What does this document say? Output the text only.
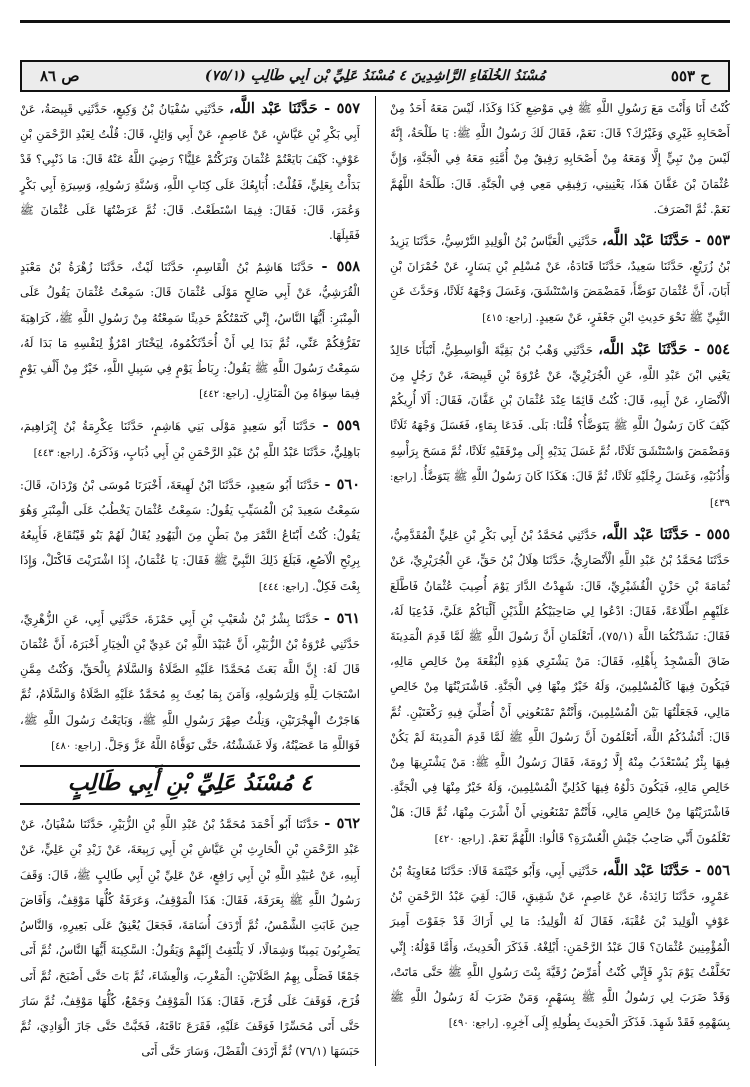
ح ٥٥٣
مُسْنَدُ الخُلَفَاءِ الرَّاشِدِينَ ٤ مُسْنَدُ عَلِيِّ بْنِ أَبِي طَالِبٍ (٧٥/١)
ص ٨٦

كُنْتُ أَنَا وَأَنْتَ مَعَ رَسُولِ اللَّهِ ﷺ فِي مَوْضِعِ كَذَا وَكَذَا، لَيْسَ مَعَهُ أَحَدٌ مِنْ أَصْحَابِهِ غَيْرِي وَغَيْرُكَ؟ قَالَ: نَعَمْ، فَقَالَ لَكَ رَسُولُ اللَّهِ ﷺ: يَا طَلْحَةُ، إِنَّهُ لَيْسَ مِنْ نَبِيٍّ إِلَّا وَمَعَهُ مِنْ أَصْحَابِهِ رَفِيقٌ مِنْ أُمَّتِهِ مَعَهُ فِي الْجَنَّةِ، وَإِنَّ عُثْمَانَ بْنَ عَفَّانَ هَذَا، يَعْنِينِي، رَفِيقِي مَعِي فِي الْجَنَّةِ. قَالَ: طَلْحَةُ اللَّهُمَّ نَعَمْ. ثُمَّ انْصَرَفَ.

٥٥٣ - حَدَّثَنَا عَبْد اللَّه، حَدَّثَنِي الْعَبَّاسُ بْنُ الْوَلِيدِ النَّرْسِيُّ، حَدَّثَنَا يَزِيدُ بْنُ زُرَيْعٍ، حَدَّثَنَا سَعِيدٌ، حَدَّثَنَا قَتَادَةُ، عَنْ مُسْلِمِ بْنِ يَسَارٍ، عَنْ حُمْرَانَ بْنِ أَبَانَ، أَنَّ عُثْمَانَ تَوَضَّأَ، فَمَضْمَضَ وَاسْتَنْشَقَ، وَغَسَلَ وَجْهَهُ ثَلَاثًا، وَحَدَّثَ عَنِ النَّبِيِّ ﷺ نَحْوَ حَدِيثِ ابْنِ جَعْفَرٍ، عَنْ سَعِيدٍ. [راجع: ٤١٥]

٥٥٤ - حَدَّثَنَا عَبْد اللَّه، حَدَّثَنِي وَهْبُ بْنُ بَقِيَّةَ الْوَاسِطِيُّ، أَنْبَأَنَا خَالِدٌ يَعْنِي ابْنَ عَبْدِ اللَّهِ، عَنِ الْجُرَيْرِيِّ، عَنْ عُرْوَةَ بْنِ قَبِيصَةَ، عَنْ رَجُلٍ مِنَ الْأَنْصَارِ، عَنْ أَبِيهِ، قَالَ: كُنْتُ قَائِمًا عِنْدَ عُثْمَانَ بْنِ عَفَّانَ، فَقَالَ: أَلَا أُرِيكُمْ كَيْفَ كَانَ رَسُولُ اللَّهِ ﷺ يَتَوَضَّأُ؟ قُلْنَا: بَلَى. فَدَعَا بِمَاءٍ، فَغَسَلَ وَجْهَهُ ثَلَاثًا وَمَضْمَضَ وَاسْتَنْشَقَ ثَلَاثًا، ثُمَّ غَسَلَ يَدَيْهِ إِلَى مِرْفَقَيْهِ ثَلَاثًا، ثُمَّ مَسَحَ بِرَأْسِهِ وَأُذُنَيْهِ، وَغَسَلَ رِجْلَيْهِ ثَلَاثًا، ثُمَّ قَالَ: هَكَذَا كَانَ رَسُولُ اللَّهِ ﷺ يَتَوَضَّأُ. [راجع: ٤٣٩]

٥٥٥ - حَدَّثَنَا عَبْد اللَّه، حَدَّثَنِي مُحَمَّدُ بْنُ أَبِي بَكْرِ بْنِ عَلِيٍّ الْمُقَدَّمِيُّ، حَدَّثَنَا مُحَمَّدُ بْنُ عَبْدِ اللَّهِ الْأَنْصَارِيُّ، حَدَّثَنَا هِلَالُ بْنُ حَقٍّ، عَنِ الْجُرَيْرِيِّ، عَنْ ثُمَامَةَ بْنِ حَزْنٍ الْقُشَيْرِيِّ، قَالَ: شَهِدْتُ الدَّارَ يَوْمَ أُصِيبَ عُثْمَانُ فَاطَّلَعَ عَلَيْهِمِ اطِّلَاعَةً، فَقَالَ: ادْعُوا لِي صَاحِبَيْكُمُ اللَّذَيْنِ أَلَّبَاكُمْ عَلَيَّ، فَدُعِيَا لَهُ، فَقَالَ: نَشَدْتُكُمَا اللَّهَ (٧٥/١)، أَتَعْلَمَانِ أَنَّ رَسُولَ اللَّهِ ﷺ لَمَّا قَدِمَ الْمَدِينَةَ ضَاقَ الْمَسْجِدُ بِأَهْلِهِ، فَقَالَ: مَنْ يَشْتَرِي هَذِهِ الْبُقْعَةَ مِنْ خَالِصِ مَالِهِ، فَيَكُونَ فِيهَا كَالْمُسْلِمِينَ، وَلَهُ خَيْرٌ مِنْهَا فِي الْجَنَّةِ. فَاشْتَرَيْتُهَا مِنْ خَالِصِ مَالِي، فَجَعَلْتُهَا بَيْنَ الْمُسْلِمِينَ، وَأَنْتُمْ تَمْنَعُونِي أَنْ أُصَلِّيَ فِيهِ رَكْعَتَيْنِ. ثُمَّ قَالَ: أَنْشُدُكُمُ اللَّهَ، أَتَعْلَمُونَ أَنَّ رَسُولَ اللَّهِ ﷺ لَمَّا قَدِمَ الْمَدِينَةَ لَمْ يَكُنْ فِيهَا بِئْرٌ يُسْتَعْذَبُ مِنْهُ إِلَّا رُومَةَ، فَقَالَ رَسُولُ اللَّهِ ﷺ: مَنْ يَشْتَرِيهَا مِنْ خَالِصِ مَالِهِ، فَيَكُونَ دَلْوُهُ فِيهَا كَدُلِيِّ الْمُسْلِمِينَ، وَلَهُ خَيْرٌ مِنْهَا فِي الْجَنَّةِ. فَاشْتَرَيْتُهَا مِنْ خَالِصِ مَالِي، فَأَنْتُمْ تَمْنَعُونِي أَنْ أَشْرَبَ مِنْهَا، ثُمَّ قَالَ: هَلْ تَعْلَمُونَ أَنِّي صَاحِبُ جَيْشِ الْعُسْرَةِ؟ قَالُوا: اللَّهُمَّ نَعَمْ. [راجع: ٤٢٠]

٥٥٦ - حَدَّثَنَا عَبْد اللَّه، حَدَّثَنِي أَبِي، وَأَبُو خَيْثَمَةَ قَالَا: حَدَّثَنَا مُعَاوِيَةُ بْنُ عَمْرٍو، حَدَّثَنَا زَائِدَةُ، عَنْ عَاصِمٍ، عَنْ شَقِيقٍ، قَالَ: لَقِيَ عَبْدُ الرَّحْمَنِ بْنُ عَوْفٍ الْوَلِيدَ بْنَ عُقْبَةَ، فَقَالَ لَهُ الْوَلِيدُ: مَا لِي أَرَاكَ قَدْ جَفَوْتَ أَمِيرَ الْمُؤْمِنِينَ عُثْمَانَ؟ قَالَ عَبْدُ الرَّحْمَنِ: أَبْلِغْهُ. فَذَكَرَ الْحَدِيثَ، وَأَمَّا قَوْلُهُ: إِنِّي تَخَلَّفْتُ يَوْمَ بَدْرٍ فَإِنِّي كُنْتُ أُمَرِّضُ رُقَيَّةَ بِنْتَ رَسُولِ اللَّهِ ﷺ حَتَّى مَاتَتْ، وَقَدْ ضَرَبَ لِي رَسُولُ اللَّهِ ﷺ بِسَهْمٍ، وَمَنْ ضَرَبَ لَهُ رَسُولُ اللَّهِ ﷺ بِسَهْمِهِ فَقَدْ شَهِدَ. فَذَكَرَ الْحَدِيثَ بِطُولِهِ إِلَى آخِرِهِ. [راجع: ٤٩٠]

٥٥٧ - حَدَّثَنَا عَبْد اللَّه، حَدَّثَنِي سُفْيَانُ بْنُ وَكِيعٍ، حَدَّثَنِي قَبِيصَةُ، عَنْ أَبِي بَكْرِ بْنِ عَيَّاشٍ، عَنْ عَاصِمٍ، عَنْ أَبِي وَائِلٍ، قَالَ: قُلْتُ لِعَبْدِ الرَّحْمَنِ بْنِ عَوْفٍ: كَيْفَ بَايَعْتُمْ عُثْمَانَ وَتَرَكْتُمْ عَلِيًّا؟ رَضِيَ اللَّهُ عَنْهُ قَالَ: مَا ذَنْبِي؟ قَدْ بَدَأْتُ بِعَلِيٍّ، فَقُلْتُ: أُبَايِعُكَ عَلَى كِتَابِ اللَّهِ، وَسُنَّةِ رَسُولِهِ، وَسِيرَةِ أَبِي بَكْرٍ وَعُمَرَ، قَالَ: فَقَالَ: فِيمَا اسْتَطَعْتُ. قَالَ: ثُمَّ عَرَضْتُهَا عَلَى عُثْمَانَ ﷺ فَقَبِلَهَا.

٥٥٨ - حَدَّثَنَا هَاشِمُ بْنُ الْقَاسِمِ، حَدَّثَنَا لَيْثٌ، حَدَّثَنَا زُهْرَةُ بْنُ مَعْبَدٍ الْقُرَشِيُّ، عَنْ أَبِي صَالِحٍ مَوْلَى عُثْمَانَ قَالَ: سَمِعْتُ عُثْمَانَ يَقُولُ عَلَى الْمِنْبَرِ: أَيُّهَا النَّاسُ، إِنِّي كَتَمْتُكُمْ حَدِيثًا سَمِعْتُهُ مِنْ رَسُولِ اللَّهِ ﷺ، كَرَاهِيَةَ تَفَرُّقِكُمْ عَنِّي، ثُمَّ بَدَا لِي أَنْ أُحَدِّثَكُمُوهُ، لِيَخْتَارَ امْرُؤٌ لِنَفْسِهِ مَا بَدَا لَهُ، سَمِعْتُ رَسُولَ اللَّهِ ﷺ يَقُولُ: رِبَاطُ يَوْمٍ فِي سَبِيلِ اللَّهِ، خَيْرٌ مِنْ أَلْفِ يَوْمٍ فِيمَا سِوَاهُ مِنَ الْمَنَازِلِ. [راجع: ٤٤٢]

٥٥٩ - حَدَّثَنَا أَبُو سَعِيدٍ مَوْلَى بَنِي هَاشِمٍ، حَدَّثَنَا عِكْرِمَةُ بْنُ إِبْرَاهِيمَ، بَاهِلِيٌّ، حَدَّثَنَا عَبْدُ اللَّهِ بْنُ عَبْدِ الرَّحْمَنِ بْنِ أَبِي ذُبَابٍ، وَذَكَرَهُ. [راجع: ٤٤٣]

٥٦٠ - حَدَّثَنَا أَبُو سَعِيدٍ، حَدَّثَنَا ابْنُ لَهِيعَةَ، أَخْبَرَنَا مُوسَى بْنُ وَرْدَانَ، قَالَ: سَمِعْتُ سَعِيدَ بْنَ الْمُسَيِّبِ يَقُولُ: سَمِعْتُ عُثْمَانَ يَخْطُبُ عَلَى الْمِنْبَرِ وَهُوَ يَقُولُ: كُنْتُ أَبْتَاعُ التَّمْرَ مِنْ بَطْنٍ مِنَ الْيَهُودِ يُقَالُ لَهُمْ بَنُو قَيْنُقَاعَ، فَأَبِيعُهُ بِرِبْحِ الْآصُعِ، فَبَلَغَ ذَلِكَ النَّبِيَّ ﷺ فَقَالَ: يَا عُثْمَانُ، إِذَا اشْتَرَيْتَ فَاكْتَلْ، وَإِذَا بِعْتَ فَكِلْ. [راجع: ٤٤٤]

٥٦١ - حَدَّثَنَا بِشْرُ بْنُ شُعَيْبِ بْنِ أَبِي حَمْزَةَ، حَدَّثَنِي أَبِي، عَنِ الزُّهْرِيِّ، حَدَّثَنِي عُرْوَةُ بْنُ الزُّبَيْرِ، أَنَّ عُبَيْدَ اللَّهِ بْنَ عَدِيِّ بْنِ الْخِيَارِ أَخْبَرَهُ، أَنَّ عُثْمَانَ قَالَ لَهُ: إِنَّ اللَّهَ بَعَثَ مُحَمَّدًا عَلَيْهِ الصَّلَاةُ وَالسَّلَامُ بِالْحَقِّ، وَكُنْتُ مِمَّنِ اسْتَجَابَ لِلَّهِ وَلِرَسُولِهِ، وَآمَنَ بِمَا بُعِثَ بِهِ مُحَمَّدٌ عَلَيْهِ الصَّلَاةُ وَالسَّلَامُ، ثُمَّ هَاجَرْتُ الْهِجْرَتَيْنِ، وَنِلْتُ صِهْرَ رَسُولِ اللَّهِ ﷺ، وَبَايَعْتُ رَسُولَ اللَّهِ ﷺ، فَوَاللَّهِ مَا عَصَيْتُهُ، وَلَا غَشَشْتُهُ، حَتَّى تَوَفَّاهُ اللَّهُ عَزَّ وَجَلَّ. [راجع: ٤٨٠]

٤ مُسْنَدُ عَلِيِّ بْنِ أَبِي طَالِبٍ

٥٦٢ - حَدَّثَنَا أَبُو أَحْمَدَ مُحَمَّدُ بْنُ عَبْدِ اللَّهِ بْنِ الزُّبَيْرِ، حَدَّثَنَا سُفْيَانُ، عَنْ عَبْدِ الرَّحْمَنِ بْنِ الْحَارِثِ بْنِ عَيَّاشِ بْنِ أَبِي رَبِيعَةَ، عَنْ زَيْدِ بْنِ عَلِيٍّ، عَنْ أَبِيهِ، عَنْ عُبَيْدِ اللَّهِ بْنِ أَبِي رَافِعٍ، عَنْ عَلِيِّ بْنِ أَبِي طَالِبٍ ﷺ، قَالَ: وَقَفَ رَسُولُ اللَّهِ ﷺ بِعَرَفَةَ، فَقَالَ: هَذَا الْمَوْقِفُ، وَعَرَفَةُ كُلُّهَا مَوْقِفٌ، وَأَفَاضَ حِينَ غَابَتِ الشَّمْسُ، ثُمَّ أَرْدَفَ أُسَامَةَ، فَجَعَلَ يُعْنِقُ عَلَى بَعِيرِهِ، وَالنَّاسُ يَضْرِبُونَ يَمِينًا وَشِمَالًا، لَا يَلْتَفِتُ إِلَيْهِمْ وَيَقُولُ: السَّكِينَةَ أَيُّهَا النَّاسُ، ثُمَّ أَتَى جَمْعًا فَصَلَّى بِهِمُ الصَّلَاتَيْنِ: الْمَغْرِبَ، وَالْعِشَاءَ، ثُمَّ بَاتَ حَتَّى أَصْبَحَ، ثُمَّ أَتَى قُزَحَ، فَوَقَفَ عَلَى قُزَحَ، فَقَالَ: هَذَا الْمَوْقِفُ وَجَمْعٌ، كُلُّهَا مَوْقِفٌ، ثُمَّ سَارَ حَتَّى أَتَى مُحَسِّرًا فَوَقَفَ عَلَيْهِ، فَقَرَعَ نَاقَتَهُ، فَخَبَّتْ حَتَّى جَازَ الْوَادِيَ، ثُمَّ حَبَسَهَا (٧٦/١) ثُمَّ أَرْدَفَ الْفَضْلَ، وَسَارَ حَتَّى أَتَى
